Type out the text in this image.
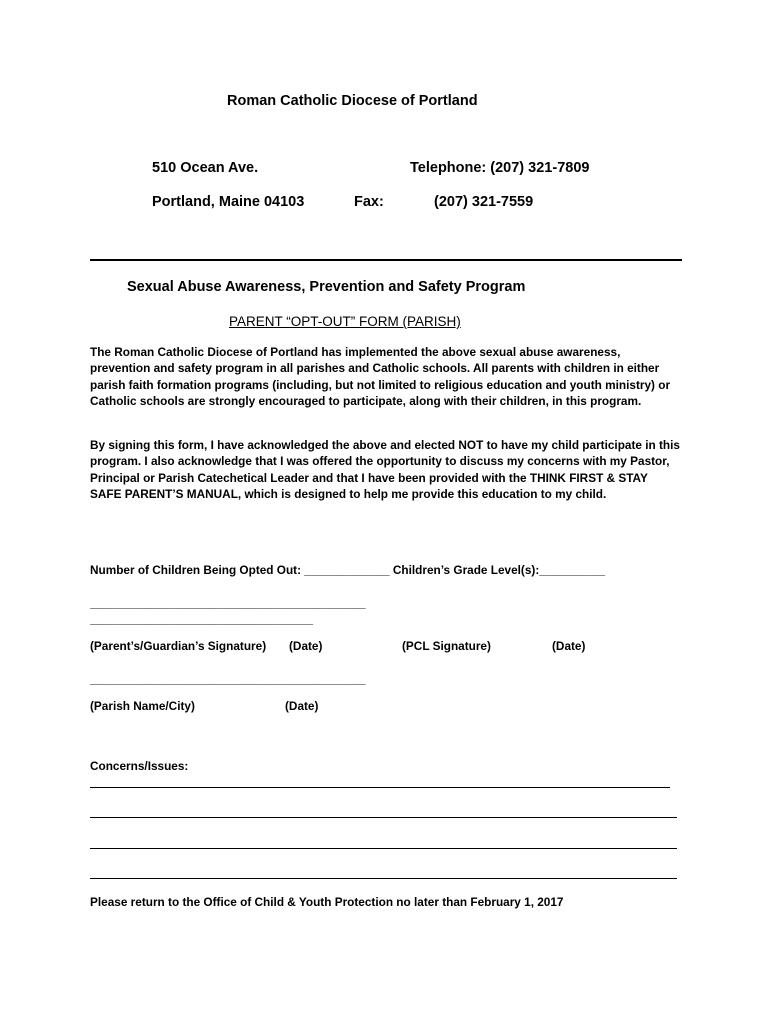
Roman Catholic Diocese of Portland
510 Ocean Ave.	Telephone: (207) 321-7809
Portland, Maine 04103	Fax:	(207) 321-7559
Sexual Abuse Awareness, Prevention and Safety Program
PARENT “OPT-OUT” FORM (PARISH)
The Roman Catholic Diocese of Portland has implemented the above sexual abuse awareness, prevention and safety program in all parishes and Catholic schools. All parents with children in either parish faith formation programs (including, but not limited to religious education and youth ministry) or Catholic schools are strongly encouraged to participate, along with their children, in this program.
By signing this form, I have acknowledged the above and elected NOT to have my child participate in this program. I also acknowledge that I was offered the opportunity to discuss my concerns with my Pastor, Principal or Parish Catechetical Leader and that I have been provided with the THINK FIRST & STAY SAFE PARENT’S MANUAL, which is designed to help me provide this education to my child.
Number of Children Being Opted Out: _____________ Children’s Grade Level(s):__________
__________________________________________
__________________________________
(Parent’s/Guardian’s Signature) (Date)	(PCL Signature)	(Date)
__________________________________________
(Parish Name/City)	(Date)
Concerns/Issues:
Please return to the Office of Child & Youth Protection no later than February 1, 2017
